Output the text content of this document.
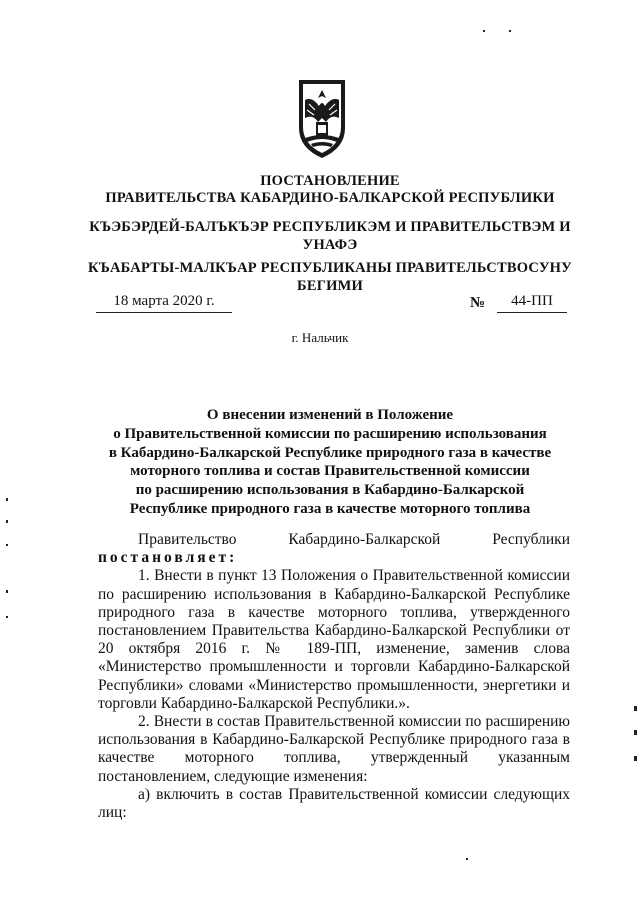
ПОСТАНОВЛЕНИЕ
ПРАВИТЕЛЬСТВА КАБАРДИНО-БАЛКАРСКОЙ РЕСПУБЛИКИ
КЪЭБЭРДЕЙ-БАЛЪКЪЭР РЕСПУБЛИКЭМ И ПРАВИТЕЛЬСТВЭМ И УНАФЭ
КЪАБАРТЫ-МАЛКЪАР РЕСПУБЛИКАНЫ ПРАВИТЕЛЬСТВОСУНУ БЕГИМИ
18 марта 2020 г.	№	44-ПП
г. Нальчик
О внесении изменений в Положение
о Правительственной комиссии по расширению использования
в Кабардино-Балкарской Республике природного газа в качестве
моторного топлива и состав Правительственной комиссии
по расширению использования в Кабардино-Балкарской
Республике природного газа в качестве моторного топлива

Правительство Кабардино-Балкарской Республики

постановляет:

1. Внести в пункт 13 Положения о Правительственной комиссии по расширению использования в Кабардино-Балкарской Республике природного газа в качестве моторного топлива, утвержденного постановлением Правительства Кабардино-Балкарской Республики от 20 октября 2016 г. № 189-ПП, изменение, заменив слова «Министерство промышленности и торговли Кабардино-Балкарской Республики» словами «Министерство промышленности, энергетики и торговли Кабардино-Балкарской Республики.».

2. Внести в состав Правительственной комиссии по расширению использования в Кабардино-Балкарской Республике природного газа в качестве моторного топлива, утвержденный указанным постановлением, следующие изменения:

а) включить в состав Правительственной комиссии следующих лиц:
